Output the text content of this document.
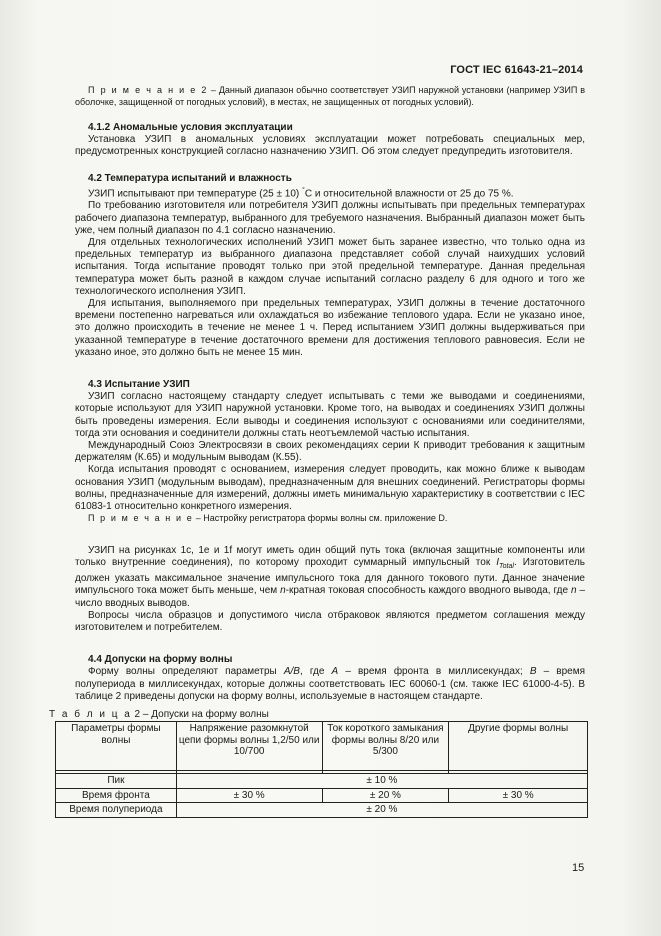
ГОСТ IEC 61643-21–2014

П р и м е ч а н и е 2 – Данный диапазон обычно соответствует УЗИП наружной установки (например УЗИП в оболочке, защищенной от погодных условий), в местах, не защищенных от погодных условий).

4.1.2 Аномальные условия эксплуатации

Установка УЗИП в аномальных условиях эксплуатации может потребовать специальных мер, предусмотренных конструкцией согласно назначению УЗИП. Об этом следует предупредить изготовителя.

4.2 Температура испытаний и влажность

УЗИП испытывают при температуре (25 ± 10) °С и относительной влажности от 25 до 75 %.

По требованию изготовителя или потребителя УЗИП должны испытывать при предельных температурах рабочего диапазона температур, выбранного для требуемого назначения. Выбранный диапазон может быть уже, чем полный диапазон по 4.1 согласно назначению.

Для отдельных технологических исполнений УЗИП может быть заранее известно, что только одна из предельных температур из выбранного диапазона представляет собой случай наихудших условий испытания. Тогда испытание проводят только при этой предельной температуре. Данная предельная температура может быть разной в каждом случае испытаний согласно разделу 6 для одного и того же технологического исполнения УЗИП.

Для испытания, выполняемого при предельных температурах, УЗИП должны в течение достаточного времени постепенно нагреваться или охлаждаться во избежание теплового удара. Если не указано иное, это должно происходить в течение не менее 1 ч. Перед испытанием УЗИП должны выдерживаться при указанной температуре в течение достаточного времени для достижения теплового равновесия. Если не указано иное, это должно быть не менее 15 мин.

4.3 Испытание УЗИП

УЗИП согласно настоящему стандарту следует испытывать с теми же выводами и соединениями, которые используют для УЗИП наружной установки. Кроме того, на выводах и соединениях УЗИП должны быть проведены измерения. Если выводы и соединения используют с основаниями или соединителями, тогда эти основания и соединители должны стать неотъемлемой частью испытания.

Международный Союз Электросвязи в своих рекомендациях серии К приводит требования к защитным держателям (К.65) и модульным выводам (К.55).

Когда испытания проводят с основанием, измерения следует проводить, как можно ближе к выводам основания УЗИП (модульным выводам), предназначенным для внешних соединений. Регистраторы формы волны, предназначенные для измерений, должны иметь минимальную характеристику в соответствии с IEC 61083-1 относительно конкретного измерения.

П р и м е ч а н и е – Настройку регистратора формы волны см. приложение D.

УЗИП на рисунках 1с, 1е и 1f могут иметь один общий путь тока (включая защитные компоненты или только внутренние соединения), по которому проходит суммарный импульсный ток $I_{Total}$. Изготовитель должен указать максимальное значение импульсного тока для данного токового пути. Данное значение импульсного тока может быть меньше, чем n-кратная токовая способность каждого вводного вывода, где n – число вводных выводов.

Вопросы числа образцов и допустимого числа отбраковок являются предметом соглашения между изготовителем и потребителем.

4.4 Допуски на форму волны

Форму волны определяют параметры A/B, где A – время фронта в миллисекундах; B – время полупериода в миллисекундах, которые должны соответствовать IEC 60060-1 (см. также IEC 61000-4-5). В таблице 2 приведены допуски на форму волны, используемые в настоящем стандарте.

Т а б л и ц а 2 – Допуски на форму волны
Параметры формы волны	Напряжение разомкнутой цепи формы волны 1,2/50 или 10/700	Ток короткого замыкания формы волны 8/20 или 5/300	Другие формы волны

Пик	± 10 %		
Время фронта	± 30 %	± 20 %	± 30 %
Время полупериода	± 20 %		
15
